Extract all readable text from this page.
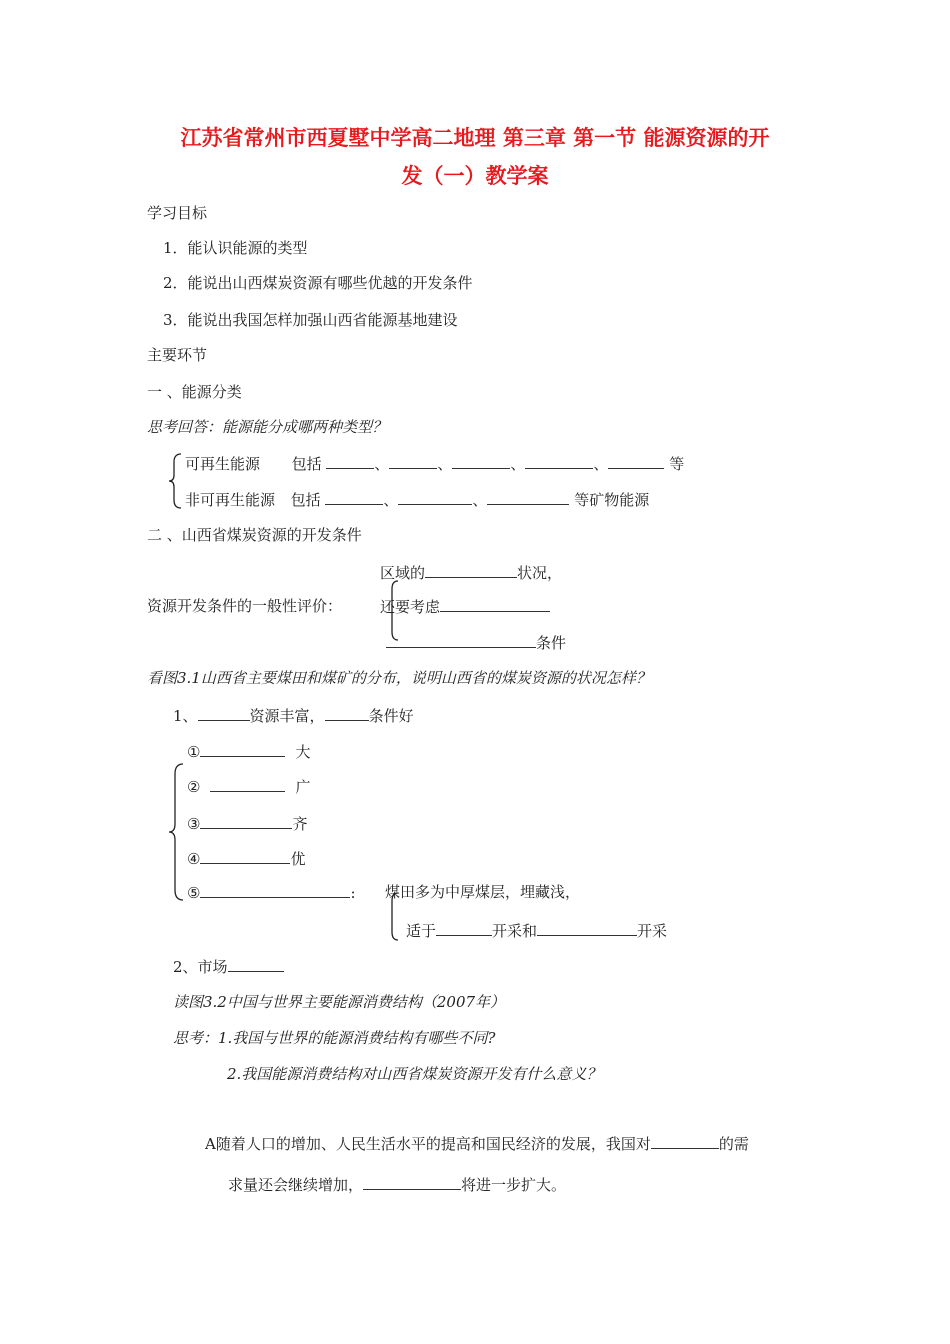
江苏省常州市西夏墅中学高二地理 第三章 第一节 能源资源的开
发（一）教学案
学习目标
1．能认识能源的类型
2．能说出山西煤炭资源有哪些优越的开发条件
3．能说出我国怎样加强山西省能源基地建设
主要环节
一 、能源分类
思考回答：能源能分成哪两种类型？
可再生能源 包括	、	、	、	、	等
非可再生能源 包括	、	、	等矿物能源
二 、山西省煤炭资源的开发条件
区域的	状况，
资源开发条件的一般性评价：	还要考虑
条件
看图3.1山西省主要煤田和煤矿的分布，说明山西省的煤炭资源的状况怎样？
1、	资源丰富，	条件好
①	大
②	广
③	齐
④	优
⑤	: 煤田多为中厚煤层，埋藏浅，
适于	开采和	开采
2、市场
读图3.2中国与世界主要能源消费结构（2007年）
思考：1.我国与世界的能源消费结构有哪些不同?
2.我国能源消费结构对山西省煤炭资源开发有什么意义？
A随着人口的增加、人民生活水平的提高和国民经济的发展，我国对	的需
求量还会继续增加，	将进一步扩大。
